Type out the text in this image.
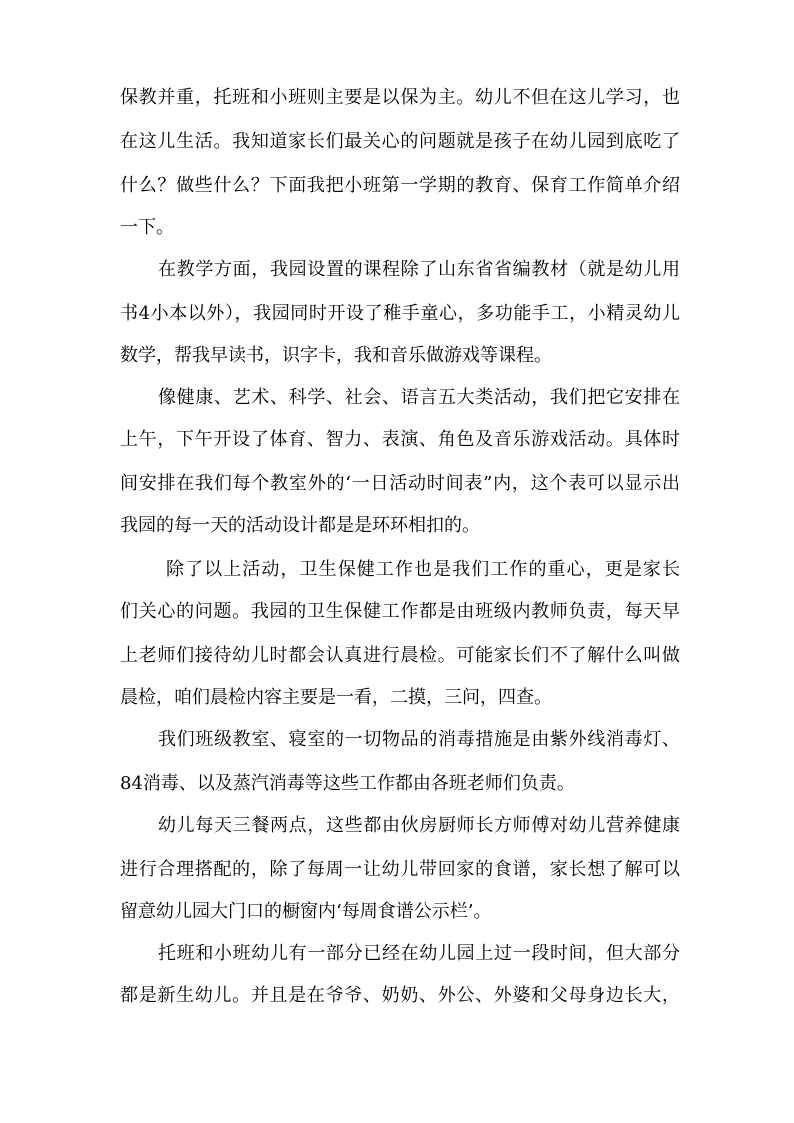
保教并重，托班和小班则主要是以保为主。幼儿不但在这儿学习，也

在这儿生活。我知道家长们最关心的问题就是孩子在幼儿园到底吃了

什么？做些什么？下面我把小班第一学期的教育、保育工作简单介绍

一下。

在教学方面，我园设置的课程除了山东省省编教材（就是幼儿用

书4小本以外），我园同时开设了稚手童心，多功能手工，小精灵幼儿

数学，帮我早读书，识字卡，我和音乐做游戏等课程。

像健康、艺术、科学、社会、语言五大类活动，我们把它安排在

上午，下午开设了体育、智力、表演、角色及音乐游戏活动。具体时

间安排在我们每个教室外的‘一日活动时间表”内，这个表可以显示出

我园的每一天的活动设计都是是环环相扣的。

除了以上活动，卫生保健工作也是我们工作的重心，更是家长

们关心的问题。我园的卫生保健工作都是由班级内教师负责，每天早

上老师们接待幼儿时都会认真进行晨检。可能家长们不了解什么叫做

晨检，咱们晨检内容主要是一看，二摸，三问，四查。

我们班级教室、寝室的一切物品的消毒措施是由紫外线消毒灯、

84消毒、以及蒸汽消毒等这些工作都由各班老师们负责。

幼儿每天三餐两点，这些都由伙房厨师长方师傅对幼儿营养健康

进行合理搭配的，除了每周一让幼儿带回家的食谱，家长想了解可以

留意幼儿园大门口的橱窗内‘每周食谱公示栏’。

托班和小班幼儿有一部分已经在幼儿园上过一段时间，但大部分

都是新生幼儿。并且是在爷爷、奶奶、外公、外婆和父母身边长大，
